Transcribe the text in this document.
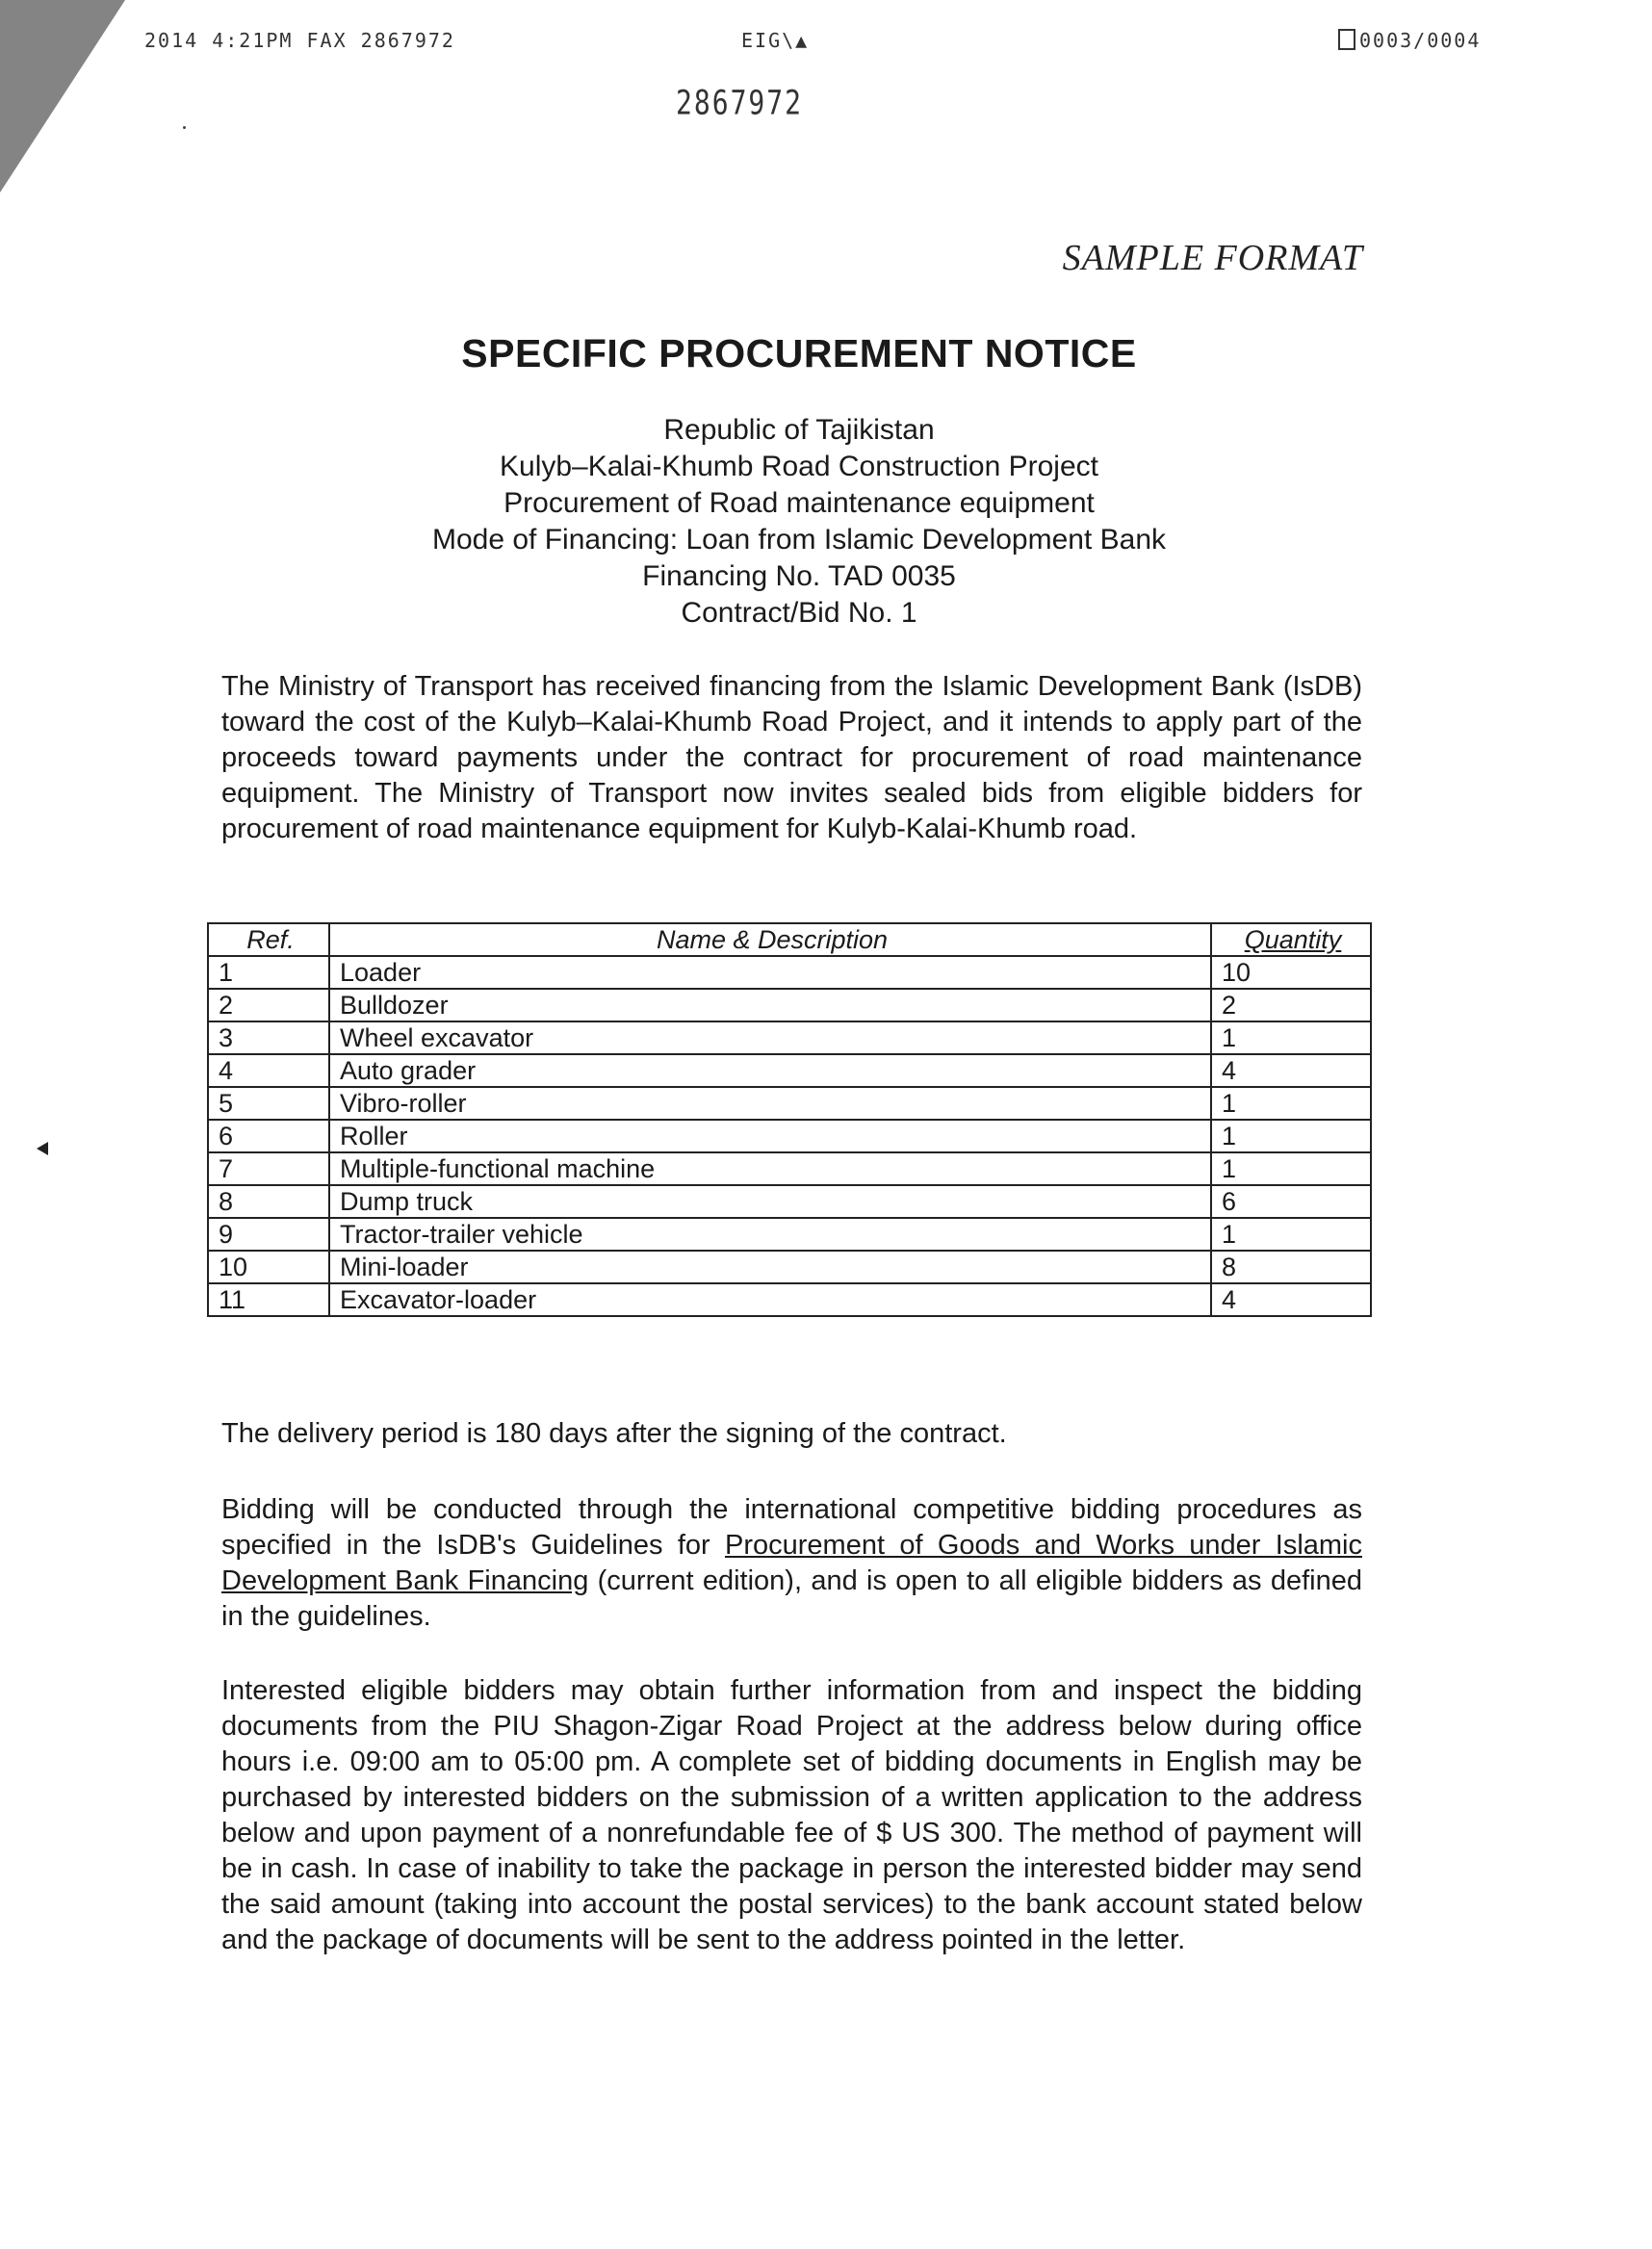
2014 4:21PM FAX 2867972	EIG\▲	0003/0004
2867972
SAMPLE FORMAT
SPECIFIC PROCUREMENT NOTICE
Republic of Tajikistan
Kulyb–Kalai-Khumb Road Construction Project
Procurement of Road maintenance equipment
Mode of Financing: Loan from Islamic Development Bank
Financing No. TAD 0035
Contract/Bid No. 1
The Ministry of Transport has received financing from the Islamic Development Bank (IsDB) toward the cost of the Kulyb–Kalai-Khumb Road Project, and it intends to apply part of the proceeds toward payments under the contract for procurement of road maintenance equipment. The Ministry of Transport now invites sealed bids from eligible bidders for procurement of road maintenance equipment for Kulyb-Kalai-Khumb road.
Ref.	Name & Description	Quantity
1	Loader	10
2	Bulldozer	2
3	Wheel excavator	1
4	Auto grader	4
5	Vibro-roller	1
6	Roller	1
7	Multiple-functional machine	1
8	Dump truck	6
9	Tractor-trailer vehicle	1
10	Mini-loader	8
11	Excavator-loader	4
The delivery period is 180 days after the signing of the contract.
Bidding will be conducted through the international competitive bidding procedures as specified in the IsDB's Guidelines for Procurement of Goods and Works under Islamic Development Bank Financing (current edition), and is open to all eligible bidders as defined in the guidelines.
Interested eligible bidders may obtain further information from and inspect the bidding documents from the PIU Shagon-Zigar Road Project at the address below during office hours i.e. 09:00 am to 05:00 pm. A complete set of bidding documents in English may be purchased by interested bidders on the submission of a written application to the address below and upon payment of a nonrefundable fee of $ US 300. The method of payment will be in cash. In case of inability to take the package in person the interested bidder may send the said amount (taking into account the postal services) to the bank account stated below and the package of documents will be sent to the address pointed in the letter.
